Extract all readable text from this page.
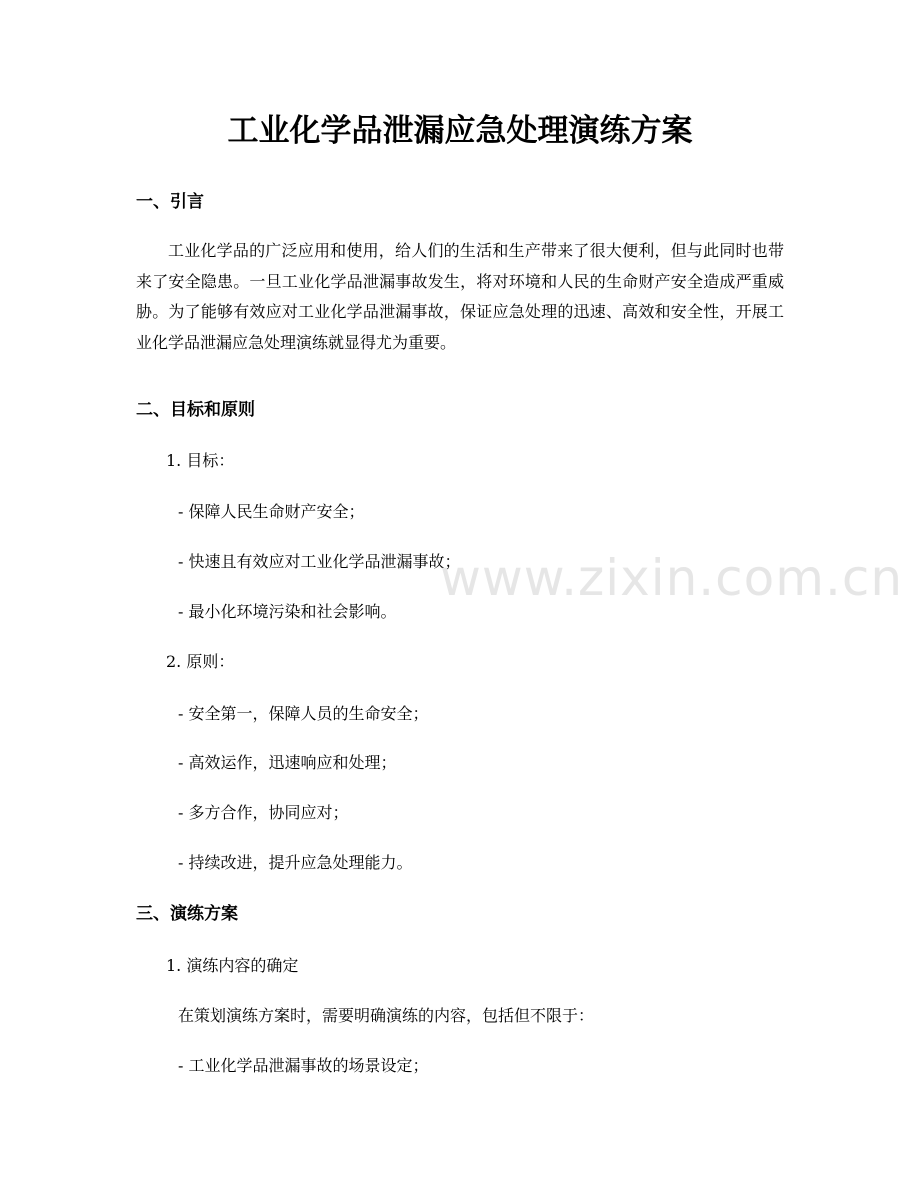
工业化学品泄漏应急处理演练方案
一、引言

工业化学品的广泛应用和使用，给人们的生活和生产带来了很大便利，但与此同时也带来了安全隐患。一旦工业化学品泄漏事故发生，将对环境和人民的生命财产安全造成严重威胁。为了能够有效应对工业化学品泄漏事故，保证应急处理的迅速、高效和安全性，开展工业化学品泄漏应急处理演练就显得尤为重要。

二、目标和原则

1. 目标：

- 保障人民生命财产安全；

- 快速且有效应对工业化学品泄漏事故；

- 最小化环境污染和社会影响。

2. 原则：

- 安全第一，保障人员的生命安全；

- 高效运作，迅速响应和处理；

- 多方合作，协同应对；

- 持续改进，提升应急处理能力。

三、演练方案

1. 演练内容的确定

在策划演练方案时，需要明确演练的内容，包括但不限于：

- 工业化学品泄漏事故的场景设定；

www.zixin.com.cn
